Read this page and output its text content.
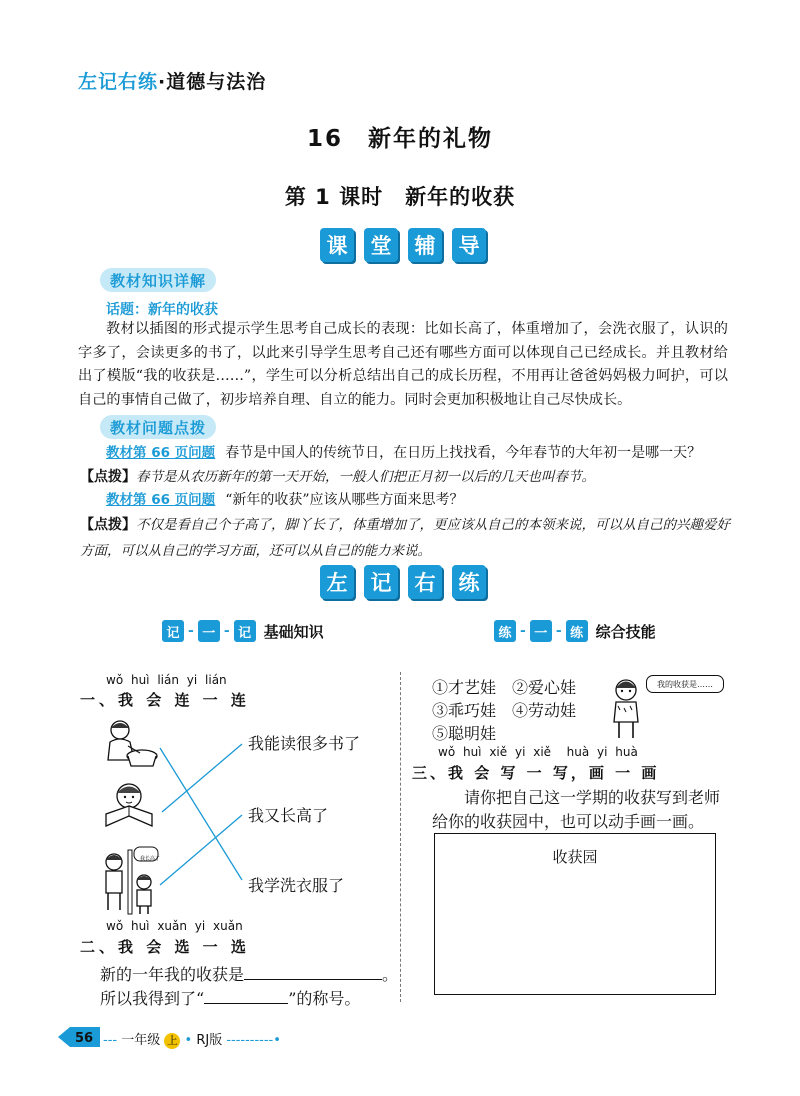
左记右练·道德与法治
16　新年的礼物
第 1 课时　新年的收获
课	堂	辅	导
教材知识详解
话题：新年的收获
教材以插图的形式提示学生思考自己成长的表现：比如长高了，体重增加了，会洗衣服了，认识的字多了，会读更多的书了，以此来引导学生思考自己还有哪些方面可以体现自己已经成长。并且教材给出了模版“我的收获是……”，学生可以分析总结出自己的成长历程，不用再让爸爸妈妈极力呵护，可以自己的事情自己做了，初步培养自理、自立的能力。同时会更加积极地让自己尽快成长。
教材问题点拨
教材第 66 页问题 春节是中国人的传统节日，在日历上找找看，今年春节的大年初一是哪一天？
【点拨】春节是从农历新年的第一天开始，一般人们把正月初一以后的几天也叫春节。
教材第 66 页问题 “新年的收获”应该从哪些方面来思考？
【点拨】不仅是看自己个子高了，脚丫长了，体重增加了，更应该从自己的本领来说，可以从自己的兴趣爱好方面，可以从自己的学习方面，还可以从自己的能力来说。
左	记	右	练
记 - 一 - 记 基础知识	练 - 一 - 练 综合技能
wǒ huì lián yi lián
一、我 会 连 一 连
我长高了
我能读很多书了
我又长高了
我学洗衣服了
wǒ huì xuǎn yi xuǎn
二、我 会 选 一 选
新的一年我的收获是	。
所以我得到了“	”的称号。
①才艺娃 ②爱心娃
③乖巧娃 ④劳动娃
⑤聪明娃
我的收获是……
wǒ huì xiě yi xiě  huà yi huà
三、我 会 写 一 写，画 一 画
请你把自己这一学期的收获写到老师给你的收获园中，也可以动手画一画。
收获园
56 --- 一年级 上 • RJ版 ----------•
